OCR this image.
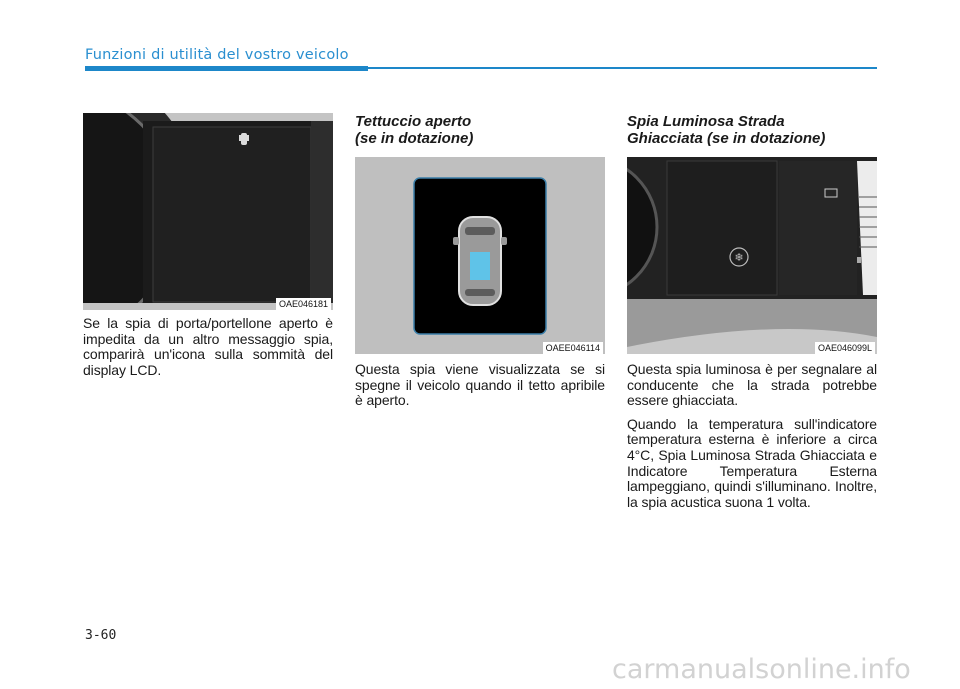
Funzioni di utilità del vostro veicolo
OAE046181

Se la spia di porta/portellone aperto è impedita da un altro messaggio spia, comparirà un'icona sulla sommità del display LCD.

Tettuccio aperto
(se in dotazione)
OAEE046114

Questa spia viene visualizzata se si spegne il veicolo quando il tetto apribile è aperto.

Spia Luminosa Strada
Ghiacciata (se in dotazione)
❄
OAE046099L

Questa spia luminosa è per segnalare al conducente che la strada potrebbe essere ghiacciata.

Quando la temperatura sull'indicatore temperatura esterna è inferiore a circa 4°C, Spia Luminosa Strada Ghiacciata e Indicatore Temperatura Esterna lampeggiano, quindi s'illuminano. Inoltre, la spia acustica suona 1 volta.

3-60
carmanualsonline.info
